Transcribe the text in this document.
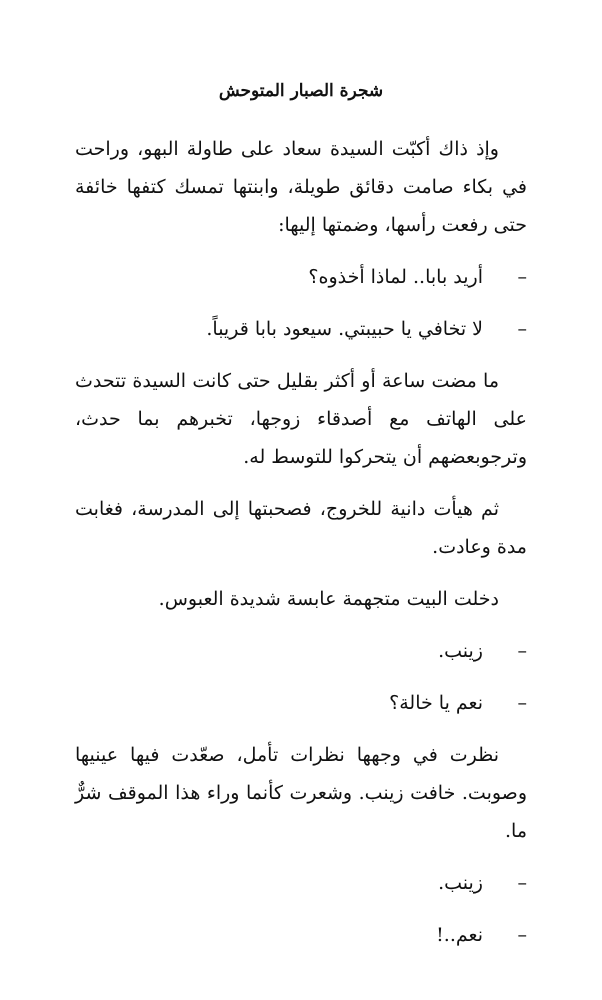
شجرة الصبار المتوحش

وإذ ذاك أكبّت السيدة سعاد على طاولة البهو، وراحت في بكاء صامت دقائق طويلة، وابنتها تمسك كتفها خائفة حتى رفعت رأسها، وضمتها إليها:

–
أريد بابا.. لماذا أخذوه؟
–
لا تخافي يا حبيبتي. سيعود بابا قريباً.

ما مضت ساعة أو أكثر بقليل حتى كانت السيدة تتحدث على الهاتف مع أصدقاء زوجها، تخبرهم بما حدث، وترجوبعضهم أن يتحركوا للتوسط له.

ثم هيأت دانية للخروج، فصحبتها إلى المدرسة، فغابت مدة وعادت.

دخلت البيت متجهمة عابسة شديدة العبوس.

–
زينب.
–
نعم يا خالة؟

نظرت في وجهها نظرات تأمل، صعّدت فيها عينيها وصوبت. خافت زينب. وشعرت كأنما وراء هذا الموقف شرٌّ ما.

–
زينب.
–
نعم..!
